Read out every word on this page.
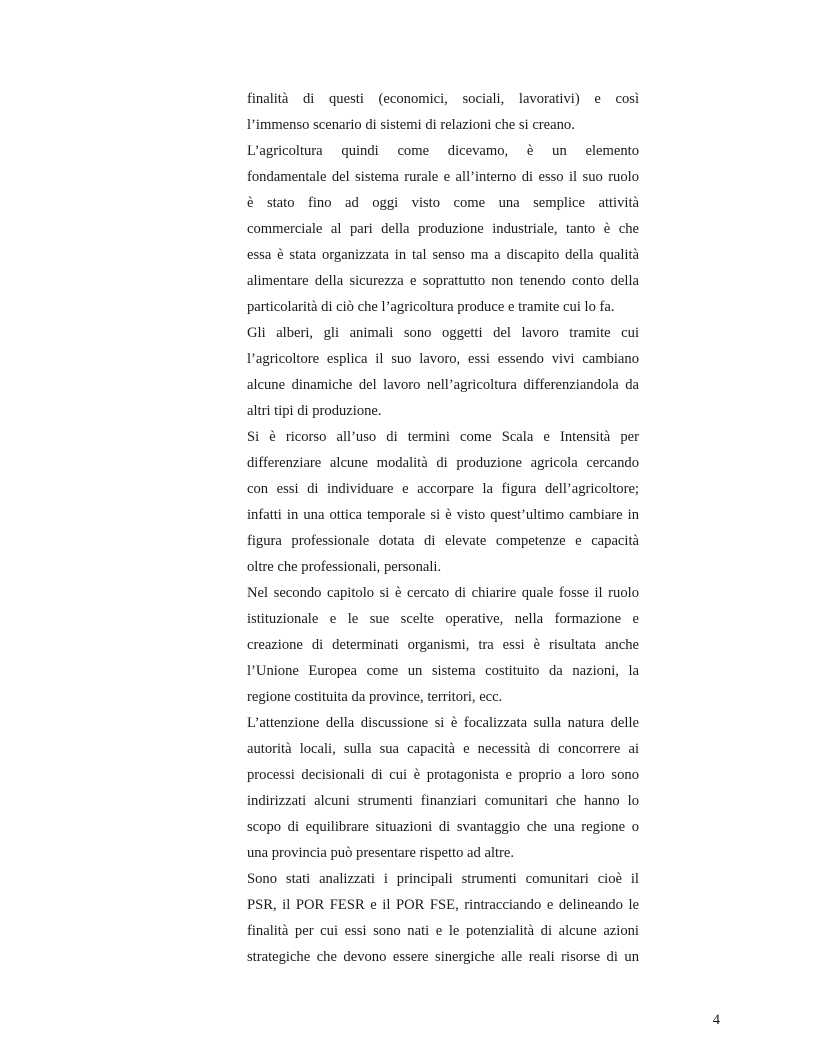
finalità di questi (economici, sociali, lavorativi) e così
l’immenso scenario di sistemi di relazioni che si creano.
L’agricoltura quindi come dicevamo, è un elemento
fondamentale del sistema rurale e all’interno di esso il suo ruolo
è stato fino ad oggi visto come una semplice attività
commerciale al pari della produzione industriale, tanto è che
essa è stata organizzata in tal senso ma a discapito della qualità
alimentare della sicurezza e soprattutto non tenendo conto della
particolarità di ciò che l’agricoltura produce e tramite cui lo fa.
Gli alberi, gli animali sono oggetti del lavoro tramite cui
l’agricoltore esplica il suo lavoro, essi essendo vivi cambiano
alcune dinamiche del lavoro nell’agricoltura differenziandola da
altri tipi di produzione.
Si è ricorso all’uso di termini come Scala e Intensità per
differenziare alcune modalità di produzione agricola cercando
con essi di individuare e accorpare la figura dell’agricoltore;
infatti in una ottica temporale si è visto quest’ultimo cambiare in
figura professionale dotata di elevate competenze e capacità
oltre che professionali, personali.
Nel secondo capitolo si è cercato di chiarire quale fosse il ruolo
istituzionale e le sue scelte operative, nella formazione e
creazione di determinati organismi, tra essi è risultata anche
l’Unione Europea come un sistema costituito da nazioni, la
regione costituita da province, territori, ecc.
L’attenzione della discussione si è focalizzata sulla natura delle
autorità locali, sulla sua capacità e necessità di concorrere ai
processi decisionali di cui è protagonista e proprio a loro sono
indirizzati alcuni strumenti finanziari comunitari che hanno lo
scopo di equilibrare situazioni di svantaggio che una regione o
una provincia può presentare rispetto ad altre.
Sono stati analizzati i principali strumenti comunitari cioè il
PSR, il POR FESR e il POR FSE, rintracciando e delineando le
finalità per cui essi sono nati e le potenzialità di alcune azioni
strategiche che devono essere sinergiche alle reali risorse di un
4
